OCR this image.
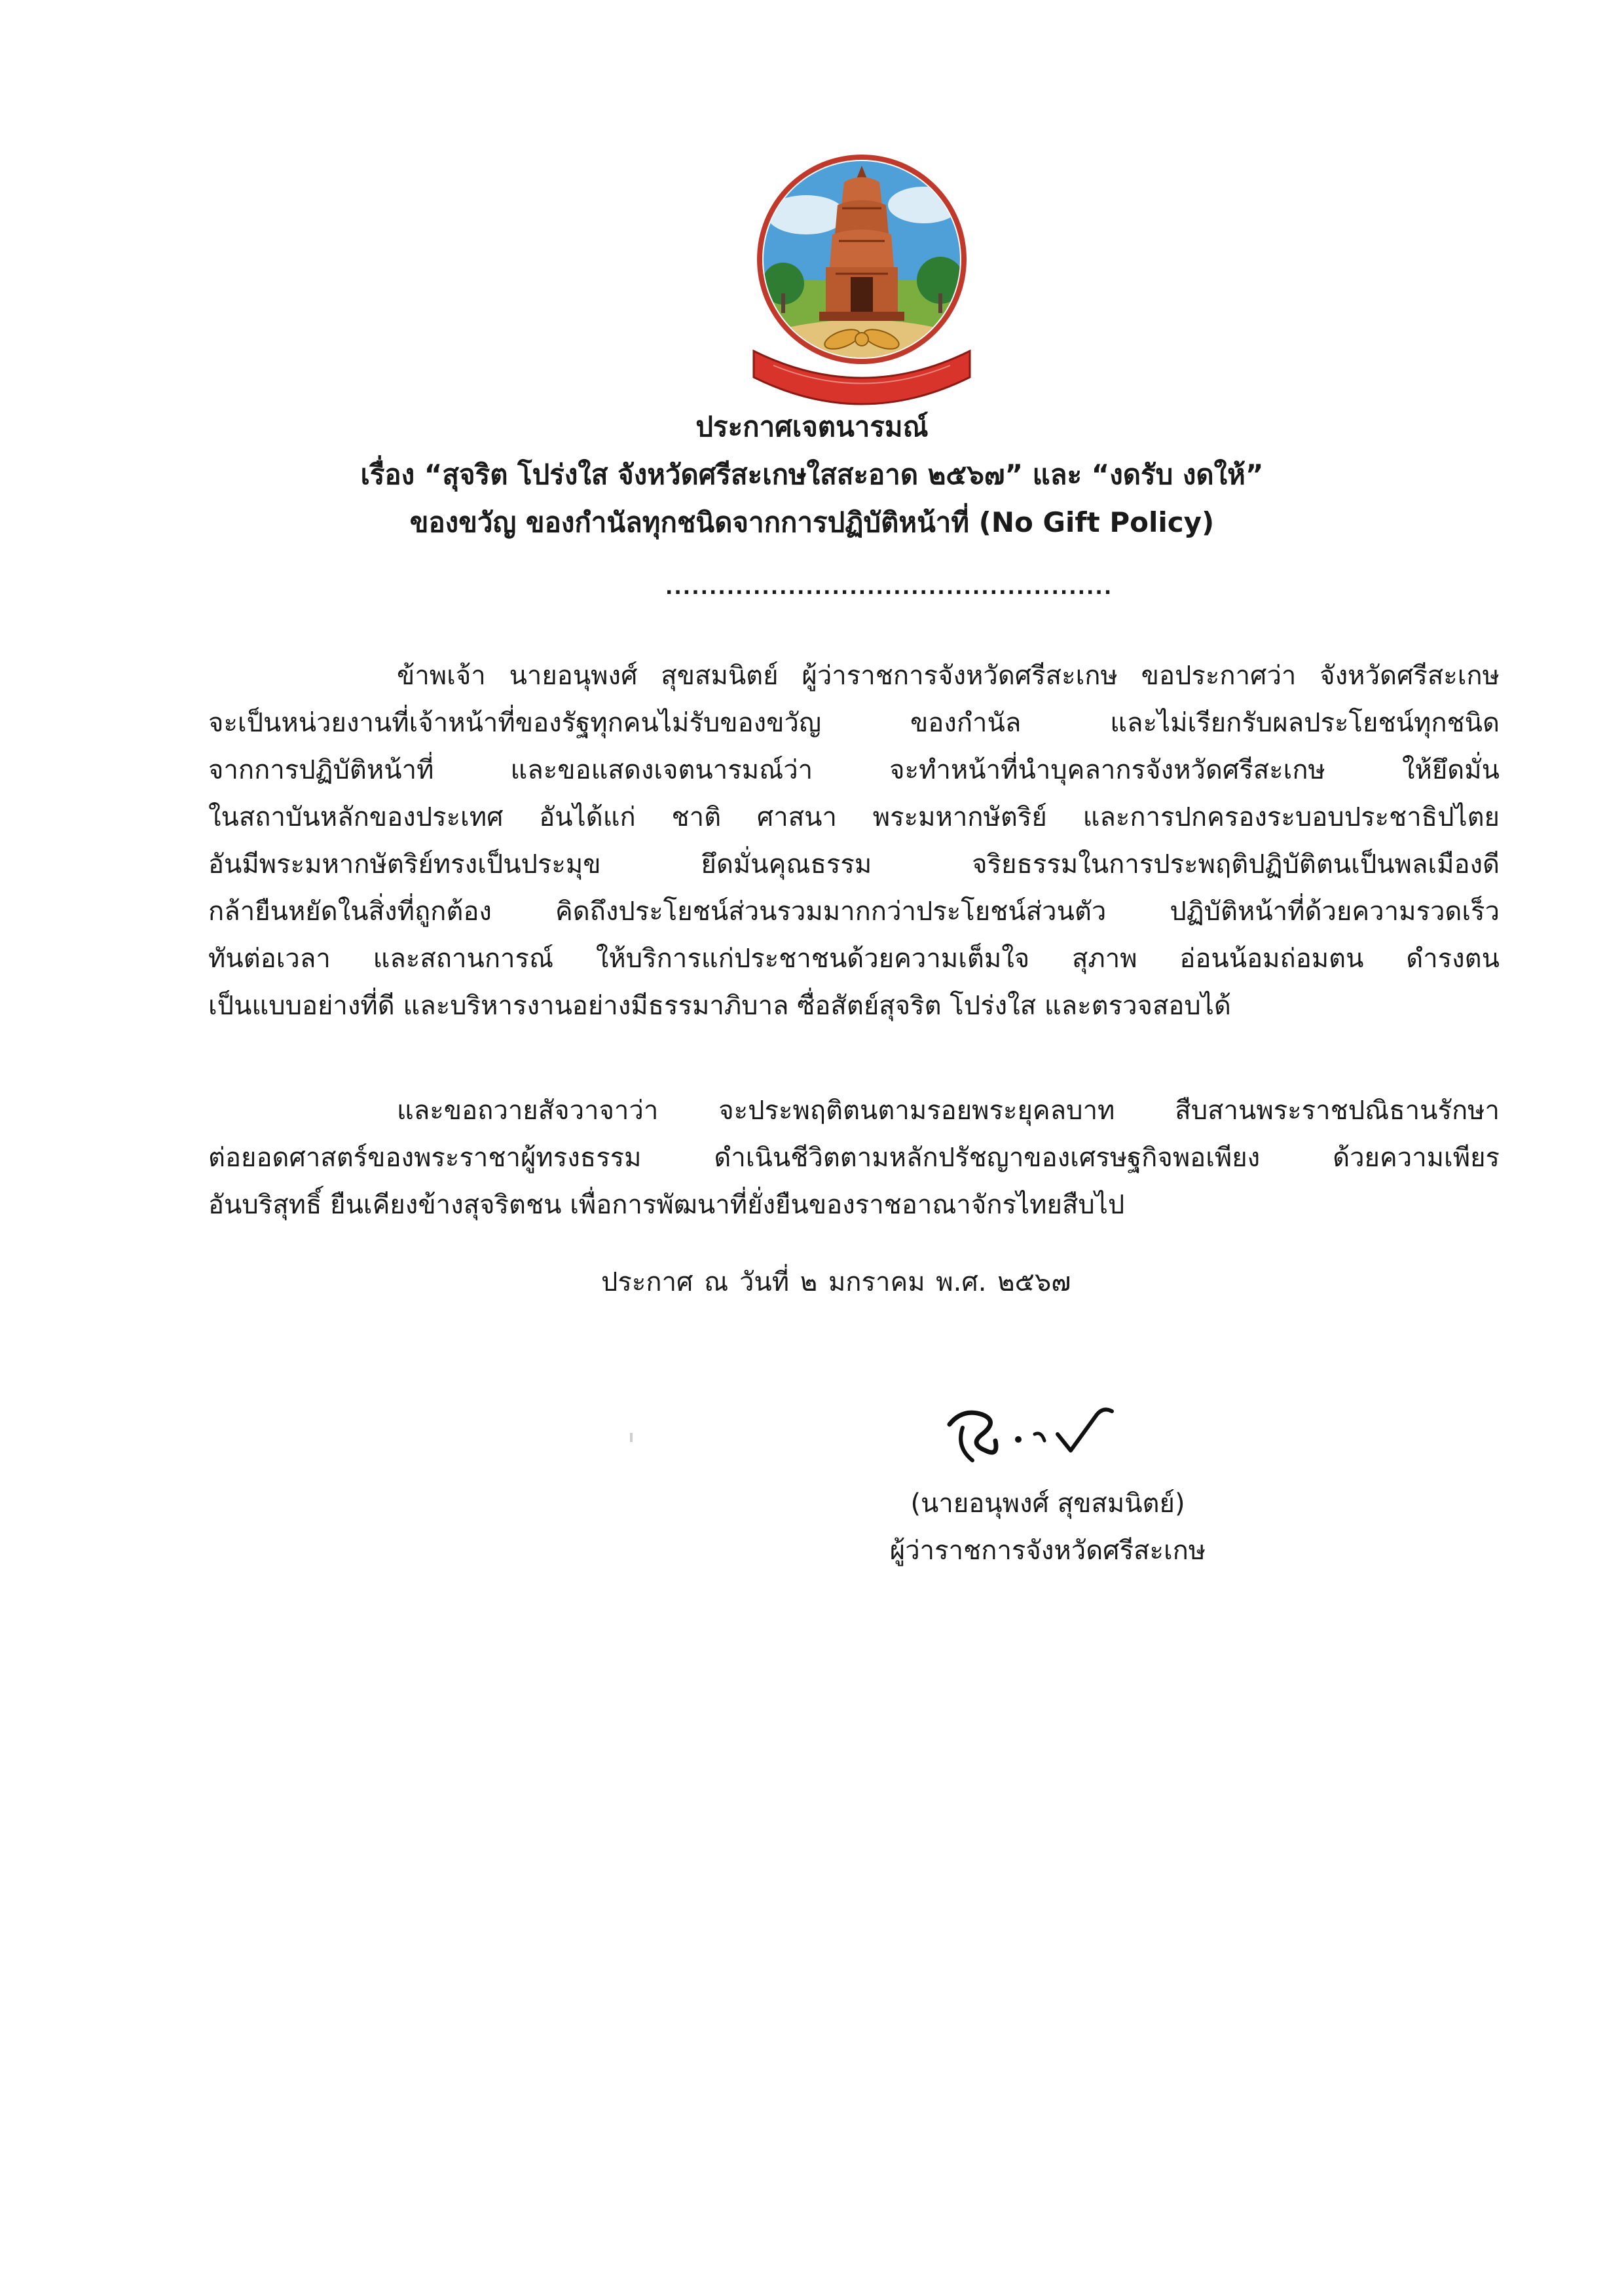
ประกาศเจตนารมณ์
เรื่อง “สุจริต โปร่งใส จังหวัดศรีสะเกษใสสะอาด ๒๕๖๗” และ “งดรับ งดให้”
ของขวัญ ของกำนัลทุกชนิดจากการปฏิบัติหน้าที่ (No Gift Policy)
...................................................
ข้าพเจ้า นายอนุพงศ์ สุขสมนิตย์ ผู้ว่าราชการจังหวัดศรีสะเกษ ขอประกาศว่า จังหวัดศรีสะเกษ
จะเป็นหน่วยงานที่เจ้าหน้าที่ของรัฐทุกคนไม่รับของขวัญ ของกำนัล และไม่เรียกรับผลประโยชน์ทุกชนิด
จากการปฏิบัติหน้าที่ และขอแสดงเจตนารมณ์ว่า จะทำหน้าที่นำบุคลากรจังหวัดศรีสะเกษ ให้ยึดมั่น
ในสถาบันหลักของประเทศ อันได้แก่ ชาติ ศาสนา พระมหากษัตริย์ และการปกครองระบอบประชาธิปไตย
อันมีพระมหากษัตริย์ทรงเป็นประมุข ยึดมั่นคุณธรรม จริยธรรมในการประพฤติปฏิบัติตนเป็นพลเมืองดี
กล้ายืนหยัดในสิ่งที่ถูกต้อง คิดถึงประโยชน์ส่วนรวมมากกว่าประโยชน์ส่วนตัว ปฏิบัติหน้าที่ด้วยความรวดเร็ว
ทันต่อเวลา และสถานการณ์ ให้บริการแก่ประชาชนด้วยความเต็มใจ สุภาพ อ่อนน้อมถ่อมตน ดำรงตน
เป็นแบบอย่างที่ดี และบริหารงานอย่างมีธรรมาภิบาล ซื่อสัตย์สุจริต โปร่งใส และตรวจสอบได้
และขอถวายสัจวาจาว่า จะประพฤติตนตามรอยพระยุคลบาท สืบสานพระราชปณิธานรักษา
ต่อยอดศาสตร์ของพระราชาผู้ทรงธรรม ดำเนินชีวิตตามหลักปรัชญาของเศรษฐกิจพอเพียง ด้วยความเพียร
อันบริสุทธิ์ ยืนเคียงข้างสุจริตชน เพื่อการพัฒนาที่ยั่งยืนของราชอาณาจักรไทยสืบไป
ประกาศ ณ วันที่ ๒ มกราคม พ.ศ. ๒๕๖๗
(นายอนุพงศ์ สุขสมนิตย์)
ผู้ว่าราชการจังหวัดศรีสะเกษ
